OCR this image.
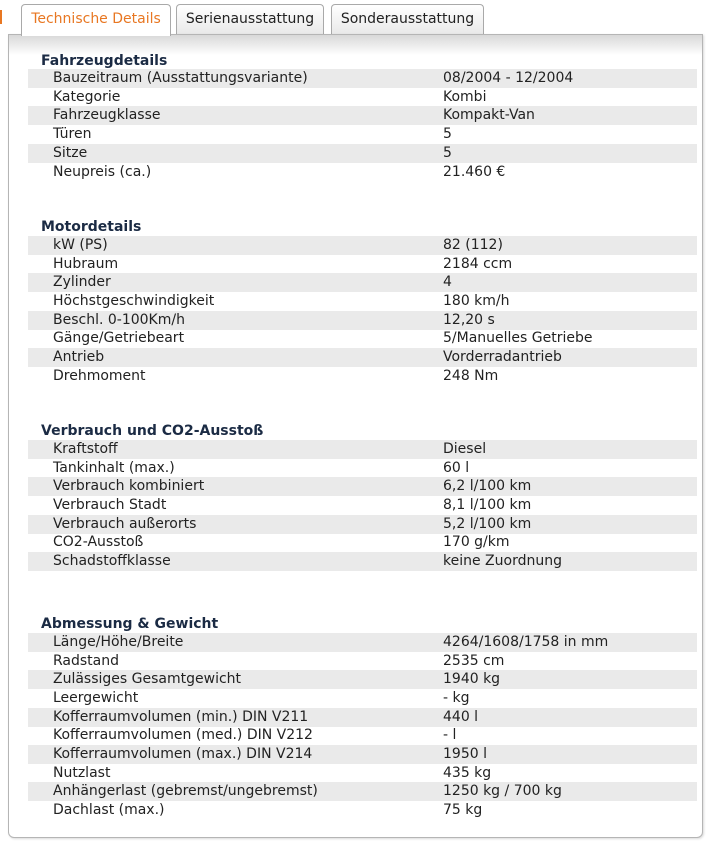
Technische Details	Serienausstattung	Sonderausstattung
Fahrzeugdetails
Bauzeitraum (Ausstattungsvariante)	08/2004 - 12/2004
Kategorie	Kombi
Fahrzeugklasse	Kompakt-Van
Türen	5
Sitze	5
Neupreis (ca.)	21.460 €
Motordetails
kW (PS)	82 (112)
Hubraum	2184 ccm
Zylinder	4
Höchstgeschwindigkeit	180 km/h
Beschl. 0-100Km/h	12,20 s
Gänge/Getriebeart	5/Manuelles Getriebe
Antrieb	Vorderradantrieb
Drehmoment	248 Nm
Verbrauch und CO2-Ausstoß
Kraftstoff	Diesel
Tankinhalt (max.)	60 l
Verbrauch kombiniert	6,2 l/100 km
Verbrauch Stadt	8,1 l/100 km
Verbrauch außerorts	5,2 l/100 km
CO2-Ausstoß	170 g/km
Schadstoffklasse	keine Zuordnung
Abmessung & Gewicht
Länge/Höhe/Breite	4264/1608/1758 in mm
Radstand	2535 cm
Zulässiges Gesamtgewicht	1940 kg
Leergewicht	- kg
Kofferraumvolumen (min.) DIN V211	440 l
Kofferraumvolumen (med.) DIN V212	- l
Kofferraumvolumen (max.) DIN V214	1950 l
Nutzlast	435 kg
Anhängerlast (gebremst/ungebremst)	1250 kg / 700 kg
Dachlast (max.)	75 kg
